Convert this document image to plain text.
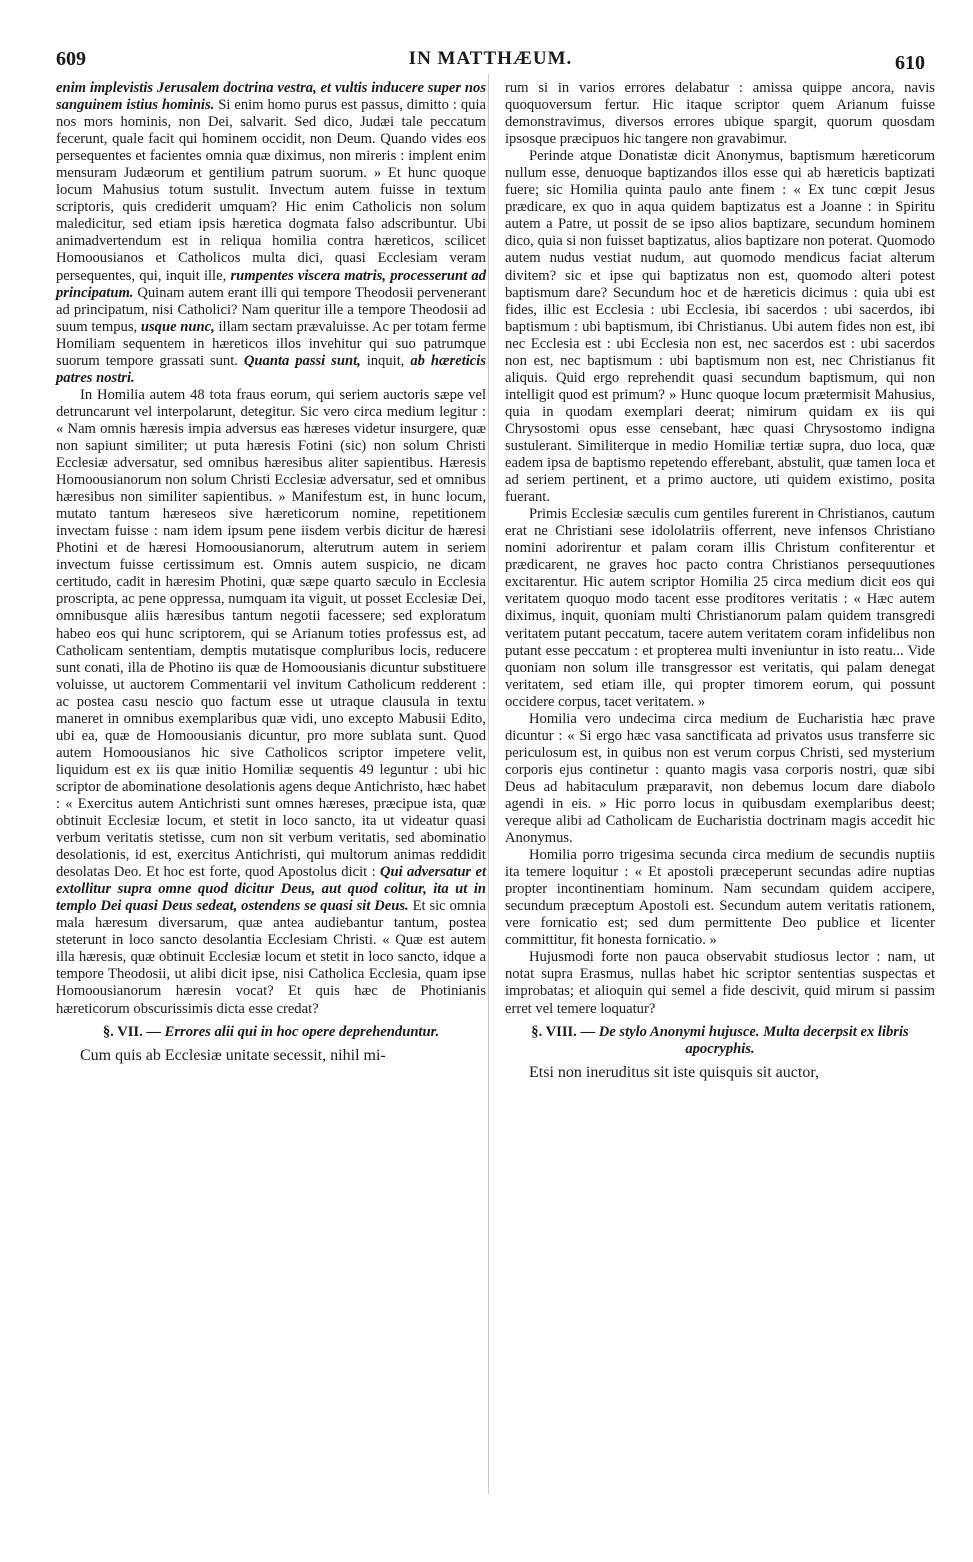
609	IN MATTHÆUM.	610

enim implevistis Jerusalem doctrina vestra, et vultis inducere super nos sanguinem istius hominis. Si enim homo purus est passus, dimitto : quia nos mors hominis, non Dei, salvarit. Sed dico, Judæi tale peccatum fecerunt, quale facit qui hominem occidit, non Deum. Quando vides eos persequentes et facientes omnia quæ diximus, non mireris : implent enim mensuram Judæorum et gentilium patrum suorum. » Et hunc quoque locum Mahusius totum sustulit. Invectum autem fuisse in textum scriptoris, quis crediderit umquam? Hic enim Catholicis non solum maledicitur, sed etiam ipsis hæretica dogmata falso adscribuntur. Ubi animadvertendum est in reliqua homilia contra hæreticos, scilicet Homoousianos et Catholicos multa dici, quasi Ecclesiam veram persequentes, qui, inquit ille, rumpentes viscera matris, processerunt ad principatum. Quinam autem erant illi qui tempore Theodosii pervenerant ad principatum, nisi Catholici? Nam queritur ille a tempore Theodosii ad suum tempus, usque nunc, illam sectam prævaluisse. Ac per totam ferme Homiliam sequentem in hæreticos illos invehitur qui suo patrumque suorum tempore grassati sunt. Quanta passi sunt, inquit, ab hæreticis patres nostri.

In Homilia autem 48 tota fraus eorum, qui seriem auctoris sæpe vel detruncarunt vel interpolarunt, detegitur. Sic vero circa medium legitur : « Nam omnis hæresis impia adversus eas hæreses videtur insurgere, quæ non sapiunt similiter; ut puta hæresis Fotini (sic) non solum Christi Ecclesiæ adversatur, sed omnibus hæresibus aliter sapientibus. Hæresis Homoousianorum non solum Christi Ecclesiæ adversatur, sed et omnibus hæresibus non similiter sapientibus. » Manifestum est, in hunc locum, mutato tantum hæreseos sive hæreticorum nomine, repetitionem invectam fuisse : nam idem ipsum pene iisdem verbis dicitur de hæresi Photini et de hæresi Homoousianorum, alterutrum autem in seriem invectum fuisse certissimum est. Omnis autem suspicio, ne dicam certitudo, cadit in hæresim Photini, quæ sæpe quarto sæculo in Ecclesia proscripta, ac pene oppressa, numquam ita viguit, ut posset Ecclesiæ Dei, omnibusque aliis hæresibus tantum negotii facessere; sed exploratum habeo eos qui hunc scriptorem, qui se Arianum toties professus est, ad Catholicam sententiam, demptis mutatisque compluribus locis, reducere sunt conati, illa de Photino iis quæ de Homoousianis dicuntur substituere voluisse, ut auctorem Commentarii vel invitum Catholicum redderent : ac postea casu nescio quo factum esse ut utraque clausula in textu maneret in omnibus exemplaribus quæ vidi, uno excepto Mabusii Edito, ubi ea, quæ de Homoousianis dicuntur, pro more sublata sunt. Quod autem Homoousianos hic sive Catholicos scriptor impetere velit, liquidum est ex iis quæ initio Homiliæ sequentis 49 leguntur : ubi hic scriptor de abominatione desolationis agens deque Antichristo, hæc habet : « Exercitus autem Antichristi sunt omnes hæreses, præcipue ista, quæ obtinuit Ecclesiæ locum, et stetit in loco sancto, ita ut videatur quasi verbum veritatis stetisse, cum non sit verbum veritatis, sed abominatio desolationis, id est, exercitus Antichristi, qui multorum animas reddidit desolatas Deo. Et hoc est forte, quod Apostolus dicit : Qui adversatur et extollitur supra omne quod dicitur Deus, aut quod colitur, ita ut in templo Dei quasi Deus sedeat, ostendens se quasi sit Deus. Et sic omnia mala hæresum diversarum, quæ antea audiebantur tantum, postea steterunt in loco sancto desolantia Ecclesiam Christi. « Quæ est autem illa hæresis, quæ obtinuit Ecclesiæ locum et stetit in loco sancto, idque a tempore Theodosii, ut alibi dicit ipse, nisi Catholica Ecclesia, quam ipse Homoousianorum hæresin vocat? Et quis hæc de Photinianis hæreticorum obscurissimis dicta esse credat?

§. VII. — Errores alii qui in hoc opere deprehenduntur.

Cum quis ab Ecclesiæ unitate secessit, nihil mi-

rum si in varios errores delabatur : amissa quippe ancora, navis quoquoversum fertur. Hic itaque scriptor quem Arianum fuisse demonstravimus, diversos errores ubique spargit, quorum quosdam ipsosque præcipuos hic tangere non gravabimur.

Perinde atque Donatistæ dicit Anonymus, baptismum hæreticorum nullum esse, denuoque baptizandos illos esse qui ab hæreticis baptizati fuere; sic Homilia quinta paulo ante finem : « Ex tunc cœpit Jesus prædicare, ex quo in aqua quidem baptizatus est a Joanne : in Spiritu autem a Patre, ut possit de se ipso alios baptizare, secundum hominem dico, quia si non fuisset baptizatus, alios baptizare non poterat. Quomodo autem nudus vestiat nudum, aut quomodo mendicus faciat alterum divitem? sic et ipse qui baptizatus non est, quomodo alteri potest baptismum dare? Secundum hoc et de hæreticis dicimus : quia ubi est fides, illic est Ecclesia : ubi Ecclesia, ibi sacerdos : ubi sacerdos, ibi baptismum : ubi baptismum, ibi Christianus. Ubi autem fides non est, ibi nec Ecclesia est : ubi Ecclesia non est, nec sacerdos est : ubi sacerdos non est, nec baptismum : ubi baptismum non est, nec Christianus fit aliquis. Quid ergo reprehendit quasi secundum baptismum, qui non intelligit quod est primum? » Hunc quoque locum prætermisit Mahusius, quia in quodam exemplari deerat; nimirum quidam ex iis qui Chrysostomi opus esse censebant, hæc quasi Chrysostomo indigna sustulerant. Similiterque in medio Homiliæ tertiæ supra, duo loca, quæ eadem ipsa de baptismo repetendo efferebant, abstulit, quæ tamen loca et ad seriem pertinent, et a primo auctore, uti quidem existimo, posita fuerant.

Primis Ecclesiæ sæculis cum gentiles furerent in Christianos, cautum erat ne Christiani sese idololatriis offerrent, neve infensos Christiano nomini adorirentur et palam coram illis Christum confiterentur et prædicarent, ne graves hoc pacto contra Christianos persequutiones excitarentur. Hic autem scriptor Homilia 25 circa medium dicit eos qui veritatem quoquo modo tacent esse proditores veritatis : « Hæc autem diximus, inquit, quoniam multi Christianorum palam quidem transgredi veritatem putant peccatum, tacere autem veritatem coram infidelibus non putant esse peccatum : et propterea multi inveniuntur in isto reatu... Vide quoniam non solum ille transgressor est veritatis, qui palam denegat veritatem, sed etiam ille, qui propter timorem eorum, qui possunt occidere corpus, tacet veritatem. »

Homilia vero undecima circa medium de Eucharistia hæc prave dicuntur : « Si ergo hæc vasa sanctificata ad privatos usus transferre sic periculosum est, in quibus non est verum corpus Christi, sed mysterium corporis ejus continetur : quanto magis vasa corporis nostri, quæ sibi Deus ad habitaculum præparavit, non debemus locum dare diabolo agendi in eis. » Hic porro locus in quibusdam exemplaribus deest; vereque alibi ad Catholicam de Eucharistia doctrinam magis accedit hic Anonymus.

Homilia porro trigesima secunda circa medium de secundis nuptiis ita temere loquitur : « Et apostoli præceperunt secundas adire nuptias propter incontinentiam hominum. Nam secundam quidem accipere, secundum præceptum Apostoli est. Secundum autem veritatis rationem, vere fornicatio est; sed dum permittente Deo publice et licenter committitur, fit honesta fornicatio. »

Hujusmodi forte non pauca observabit studiosus lector : nam, ut notat supra Erasmus, nullas habet hic scriptor sententias suspectas et improbatas; et alioquin qui semel a fide descivit, quid mirum si passim erret vel temere loquatur?

§. VIII. — De stylo Anonymi hujusce. Multa decerpsit ex libris apocryphis.

Etsi non ineruditus sit iste quisquis sit auctor,
